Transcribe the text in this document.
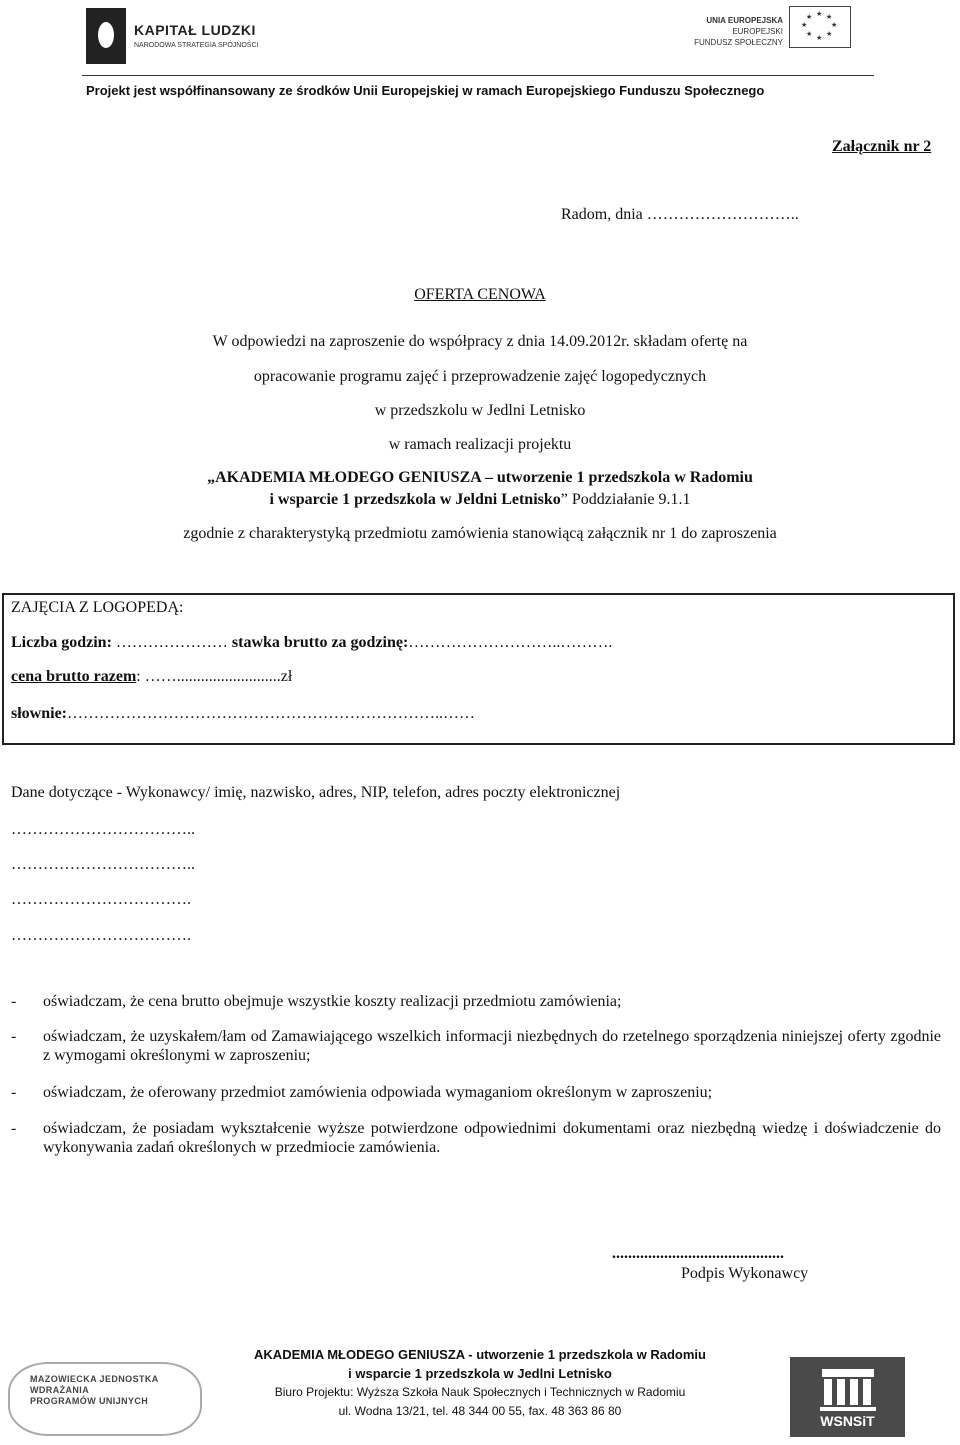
KAPITAŁ LUDZKI
NARODOWA STRATEGIA SPÓJNOŚCI
UNIA EUROPEJSKA
EUROPEJSKI
FUNDUSZ SPOŁECZNY
★ ★
★
★
★
★
★
★
Projekt jest współfinansowany ze środków Unii Europejskiej w ramach Europejskiego Funduszu Społecznego
Załącznik nr 2
Radom, dnia ………………………..
OFERTA CENOWA
W odpowiedzi na zaproszenie do współpracy z dnia 14.09.2012r. składam ofertę na
opracowanie programu zajęć i przeprowadzenie zajęć logopedycznych
w przedszkolu w Jedlni Letnisko
w ramach realizacji projektu
„AKADEMIA MŁODEGO GENIUSZA – utworzenie 1 przedszkola w Radomiu
i wsparcie 1 przedszkola w Jeldni Letnisko” Poddziałanie 9.1.1
zgodnie z charakterystyką przedmiotu zamówienia stanowiącą załącznik nr 1 do zaproszenia
ZAJĘCIA Z LOGOPEDĄ:
Liczba godzin: ………………… stawka brutto za godzinę:………………………..……….
cena brutto razem: ……..........................zł
słownie:……………………………………………………………..……
Dane dotyczące - Wykonawcy/ imię, nazwisko, adres, NIP, telefon, adres poczty elektronicznej
……………………………..
……………………………..
…………………………….
…………………………….
- oświadczam, że cena brutto obejmuje wszystkie koszty realizacji przedmiotu zamówienia;
- oświadczam, że uzyskałem/łam od Zamawiającego wszelkich informacji niezbędnych do rzetelnego sporządzenia niniejszej oferty zgodnie z wymogami określonymi w zaproszeniu;
- oświadczam, że oferowany przedmiot zamówienia odpowiada wymaganiom określonym w zaproszeniu;
- oświadczam, że posiadam wykształcenie wyższe potwierdzone odpowiednimi dokumentami oraz niezbędną wiedzę i doświadczenie do wykonywania zadań określonych w przedmiocie zamówienia.
...........................................
Podpis Wykonawcy
MAZOWIECKA JEDNOSTKA
WDRAŻANIA
PROGRAMÓW UNIJNYCH
AKADEMIA MŁODEGO GENIUSZA - utworzenie 1 przedszkola w Radomiu
i wsparcie 1 przedszkola w Jedlni Letnisko
Biuro Projektu: Wyższa Szkoła Nauk Społecznych i Technicznych w Radomiu
ul. Wodna 13/21, tel. 48 344 00 55, fax. 48 363 86 80
WSNSiT
